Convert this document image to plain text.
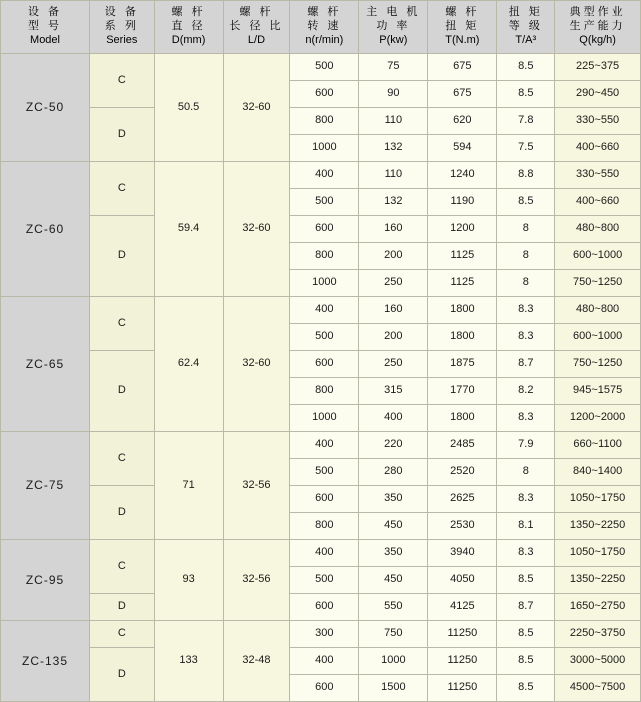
设 备
型 号
Model	设 备
系 列
Series	螺 杆
直 径
D(mm)	螺 杆
长 径 比
L/D	螺 杆
转 速
n(r/min)	主 电 机
功 率
P(kw)	螺 杆
扭 矩
T(N.m)	扭 矩
等 级
T/A³	典型作业
生产能力
Q(kg/h)

ZC-50	C	50.5	32-60	500	75	675	8.5	225~375
				600	90	675	8.5	290~450
	D			800	110	620	7.8	330~550
				1000	132	594	7.5	400~660
ZC-60	C	59.4	32-60	400	110	1240	8.8	330~550
				500	132	1190	8.5	400~660
	D			600	160	1200	8	480~800
				800	200	1125	8	600~1000
				1000	250	1125	8	750~1250
ZC-65	C	62.4	32-60	400	160	1800	8.3	480~800
				500	200	1800	8.3	600~1000
	D			600	250	1875	8.7	750~1250
				800	315	1770	8.2	945~1575
				1000	400	1800	8.3	1200~2000
ZC-75	C	71	32-56	400	220	2485	7.9	660~1100
				500	280	2520	8	840~1400
	D			600	350	2625	8.3	1050~1750
				800	450	2530	8.1	1350~2250
ZC-95	C	93	32-56	400	350	3940	8.3	1050~1750
				500	450	4050	8.5	1350~2250
	D			600	550	4125	8.7	1650~2750
ZC-135	C	133	32-48	300	750	11250	8.5	2250~3750
	D			400	1000	11250	8.5	3000~5000
				600	1500	11250	8.5	4500~7500
